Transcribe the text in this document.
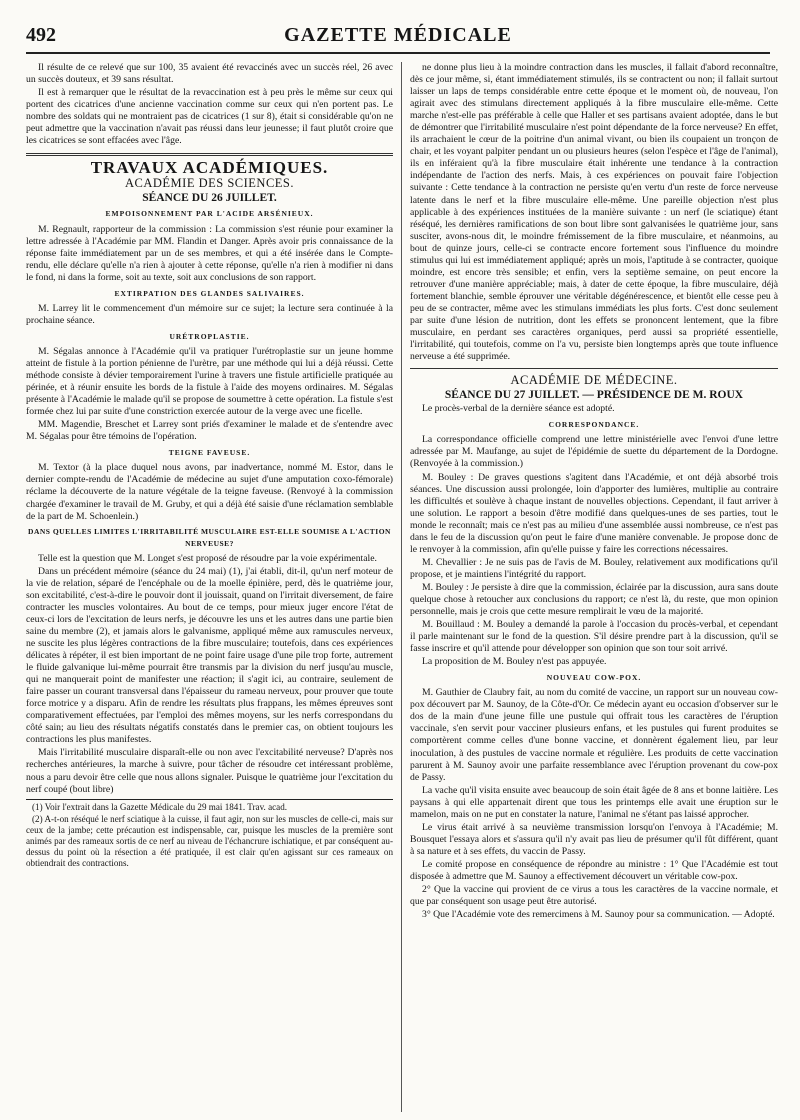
492	GAZETTE MÉDICALE

Il résulte de ce relevé que sur 100, 35 avaient été revaccinés avec un succès réel, 26 avec un succès douteux, et 39 sans résultat.

Il est à remarquer que le résultat de la revaccination est à peu près le même sur ceux qui portent des cicatrices d'une ancienne vaccination comme sur ceux qui n'en portent pas. Le nombre des soldats qui ne montraient pas de cicatrices (1 sur 8), était si considérable qu'on ne peut admettre que la vaccination n'avait pas réussi dans leur jeunesse; il faut plutôt croire que les cicatrices se sont effacées avec l'âge.

TRAVAUX ACADÉMIQUES.
ACADÉMIE DES SCIENCES.
SÉANCE DU 26 JUILLET.
EMPOISONNEMENT PAR L'ACIDE ARSÉNIEUX.

M. Regnault, rapporteur de la commission : La commission s'est réunie pour examiner la lettre adressée à l'Académie par MM. Flandin et Danger. Après avoir pris connaissance de la réponse faite immédiatement par un de ses membres, et qui a été insérée dans le Compte-rendu, elle déclare qu'elle n'a rien à ajouter à cette réponse, qu'elle n'a rien à modifier ni dans le fond, ni dans la forme, soit au texte, soit aux conclusions de son rapport.

EXTIRPATION DES GLANDES SALIVAIRES.

M. Larrey lit le commencement d'un mémoire sur ce sujet; la lecture sera continuée à la prochaine séance.

URÉTROPLASTIE.

M. Ségalas annonce à l'Académie qu'il va pratiquer l'urétroplastie sur un jeune homme atteint de fistule à la portion pénienne de l'urètre, par une méthode qui lui a déjà réussi. Cette méthode consiste à dévier temporairement l'urine à travers une fistule artificielle pratiquée au périnée, et à réunir ensuite les bords de la fistule à l'aide des moyens ordinaires. M. Ségalas présente à l'Académie le malade qu'il se propose de soumettre à cette opération. La fistule s'est formée chez lui par suite d'une constriction exercée autour de la verge avec une ficelle.

MM. Magendie, Breschet et Larrey sont priés d'examiner le malade et de s'entendre avec M. Ségalas pour être témoins de l'opération.

TEIGNE FAVEUSE.

M. Textor (à la place duquel nous avons, par inadvertance, nommé M. Estor, dans le dernier compte-rendu de l'Académie de médecine au sujet d'une amputation coxo-fémorale) réclame la découverte de la nature végétale de la teigne faveuse. (Renvoyé à la commission chargée d'examiner le travail de M. Gruby, et qui a déjà été saisie d'une réclamation semblable de la part de M. Schoenlein.)

DANS QUELLES LIMITES L'IRRITABILITÉ MUSCULAIRE EST-ELLE SOUMISE A L'ACTION NERVEUSE?

Telle est la question que M. Longet s'est proposé de résoudre par la voie expérimentale.

Dans un précédent mémoire (séance du 24 mai) (1), j'ai établi, dit-il, qu'un nerf moteur de la vie de relation, séparé de l'encéphale ou de la moelle épinière, perd, dès le quatrième jour, son excitabilité, c'est-à-dire le pouvoir dont il jouissait, quand on l'irritait diversement, de faire contracter les muscles volontaires. Au bout de ce temps, pour mieux juger encore l'état de ceux-ci lors de l'excitation de leurs nerfs, je découvre les uns et les autres dans une partie bien saine du membre (2), et jamais alors le galvanisme, appliqué même aux ramuscules nerveux, ne suscite les plus légères contractions de la fibre musculaire; toutefois, dans ces expériences délicates à répéter, il est bien important de ne point faire usage d'une pile trop forte, autrement le fluide galvanique lui-même pourrait être transmis par la division du nerf jusqu'au muscle, qui ne manquerait point de manifester une réaction; il s'agit ici, au contraire, seulement de faire passer un courant transversal dans l'épaisseur du rameau nerveux, pour prouver que toute force motrice y a disparu. Afin de rendre les résultats plus frappans, les mêmes épreuves sont comparativement effectuées, par l'emploi des mêmes moyens, sur les nerfs correspondans du côté sain; au lieu des résultats négatifs constatés dans le premier cas, on obtient toujours les contractions les plus manifestes.

Mais l'irritabilité musculaire disparaît-elle ou non avec l'excitabilité nerveuse? D'après nos recherches antérieures, la marche à suivre, pour tâcher de résoudre cet intéressant problème, nous a paru devoir être celle que nous allons signaler. Puisque le quatrième jour l'excitation du nerf coupé (bout libre)

(1) Voir l'extrait dans la Gazette Médicale du 29 mai 1841. Trav. acad.

(2) A-t-on réséqué le nerf sciatique à la cuisse, il faut agir, non sur les muscles de celle-ci, mais sur ceux de la jambe; cette précaution est indispensable, car, puisque les muscles de la première sont animés par des rameaux sortis de ce nerf au niveau de l'échancrure ischiatique, et par conséquent au-dessus du point où la résection a été pratiquée, il est clair qu'en agissant sur ces rameaux on obtiendrait des contractions.

ne donne plus lieu à la moindre contraction dans les muscles, il fallait d'abord reconnaître, dès ce jour même, si, étant immédiatement stimulés, ils se contractent ou non; il fallait surtout laisser un laps de temps considérable entre cette époque et le moment où, de nouveau, l'on agirait avec des stimulans directement appliqués à la fibre musculaire elle-même. Cette marche n'est-elle pas préférable à celle que Haller et ses partisans avaient adoptée, dans le but de démontrer que l'irritabilité musculaire n'est point dépendante de la force nerveuse? En effet, ils arrachaient le cœur de la poitrine d'un animal vivant, ou bien ils coupaient un tronçon de chair, et les voyant palpiter pendant un ou plusieurs heures (selon l'espèce et l'âge de l'animal), ils en inféraient qu'à la fibre musculaire était inhérente une tendance à la contraction indépendante de l'action des nerfs. Mais, à ces expériences on pouvait faire l'objection suivante : Cette tendance à la contraction ne persiste qu'en vertu d'un reste de force nerveuse latente dans le nerf et la fibre musculaire elle-même. Une pareille objection n'est plus applicable à des expériences instituées de la manière suivante : un nerf (le sciatique) étant réséqué, les dernières ramifications de son bout libre sont galvanisées le quatrième jour, sans susciter, avons-nous dit, le moindre frémissement de la fibre musculaire, et néanmoins, au bout de quinze jours, celle-ci se contracte encore fortement sous l'influence du moindre stimulus qui lui est immédiatement appliqué; après un mois, l'aptitude à se contracter, quoique moindre, est encore très sensible; et enfin, vers la septième semaine, on peut encore la retrouver d'une manière appréciable; mais, à dater de cette époque, la fibre musculaire, déjà fortement blanchie, semble éprouver une véritable dégénérescence, et bientôt elle cesse peu à peu de se contracter, même avec les stimulans immédiats les plus forts. C'est donc seulement par suite d'une lésion de nutrition, dont les effets se prononcent lentement, que la fibre musculaire, en perdant ses caractères organiques, perd aussi sa propriété essentielle, l'irritabilité, qui toutefois, comme on l'a vu, persiste bien longtemps après que toute influence nerveuse a été supprimée.

ACADÉMIE DE MÉDECINE.
SÉANCE DU 27 JUILLET. — PRÉSIDENCE DE M. ROUX

Le procès-verbal de la dernière séance est adopté.

CORRESPONDANCE.

La correspondance officielle comprend une lettre ministérielle avec l'envoi d'une lettre adressée par M. Maufange, au sujet de l'épidémie de suette du département de la Dordogne. (Renvoyée à la commission.)

M. Bouley : De graves questions s'agitent dans l'Académie, et ont déjà absorbé trois séances. Une discussion aussi prolongée, loin d'apporter des lumières, multiplie au contraire les difficultés et soulève à chaque instant de nouvelles objections. Cependant, il faut arriver à une solution. Le rapport a besoin d'être modifié dans quelques-unes de ses parties, tout le monde le reconnaît; mais ce n'est pas au milieu d'une assemblée aussi nombreuse, ce n'est pas dans le feu de la discussion qu'on peut le faire d'une manière convenable. Je propose donc de le renvoyer à la commission, afin qu'elle puisse y faire les corrections nécessaires.

M. Chevallier : Je ne suis pas de l'avis de M. Bouley, relativement aux modifications qu'il propose, et je maintiens l'intégrité du rapport.

M. Bouley : Je persiste à dire que la commission, éclairée par la discussion, aura sans doute quelque chose à retoucher aux conclusions du rapport; ce n'est là, du reste, que mon opinion personnelle, mais je crois que cette mesure remplirait le vœu de la majorité.

M. Bouillaud : M. Bouley a demandé la parole à l'occasion du procès-verbal, et cependant il parle maintenant sur le fond de la question. S'il désire prendre part à la discussion, qu'il se fasse inscrire et qu'il attende pour développer son opinion que son tour soit arrivé.

La proposition de M. Bouley n'est pas appuyée.

NOUVEAU COW-POX.

M. Gauthier de Claubry fait, au nom du comité de vaccine, un rapport sur un nouveau cow-pox découvert par M. Saunoy, de la Côte-d'Or. Ce médecin ayant eu occasion d'observer sur le dos de la main d'une jeune fille une pustule qui offrait tous les caractères de l'éruption vaccinale, s'en servit pour vacciner plusieurs enfans, et les pustules qui furent produites se comportèrent comme celles d'une bonne vaccine, et donnèrent également lieu, par leur inoculation, à des pustules de vaccine normale et régulière. Les produits de cette vaccination parurent à M. Saunoy avoir une parfaite ressemblance avec l'éruption provenant du cow-pox de Passy.

La vache qu'il visita ensuite avec beaucoup de soin était âgée de 8 ans et bonne laitière. Les paysans à qui elle appartenait dirent que tous les printemps elle avait une éruption sur le mamelon, mais on ne put en constater la nature, l'animal ne s'étant pas laissé approcher.

Le virus était arrivé à sa neuvième transmission lorsqu'on l'envoya à l'Académie; M. Bousquet l'essaya alors et s'assura qu'il n'y avait pas lieu de présumer qu'il fût différent, quant à sa nature et à ses effets, du vaccin de Passy.

Le comité propose en conséquence de répondre au ministre : 1° Que l'Académie est tout disposée à admettre que M. Saunoy a effectivement découvert un véritable cow-pox.

2° Que la vaccine qui provient de ce virus a tous les caractères de la vaccine normale, et que par conséquent son usage peut être autorisé.

3° Que l'Académie vote des remercimens à M. Saunoy pour sa communication. — Adopté.
